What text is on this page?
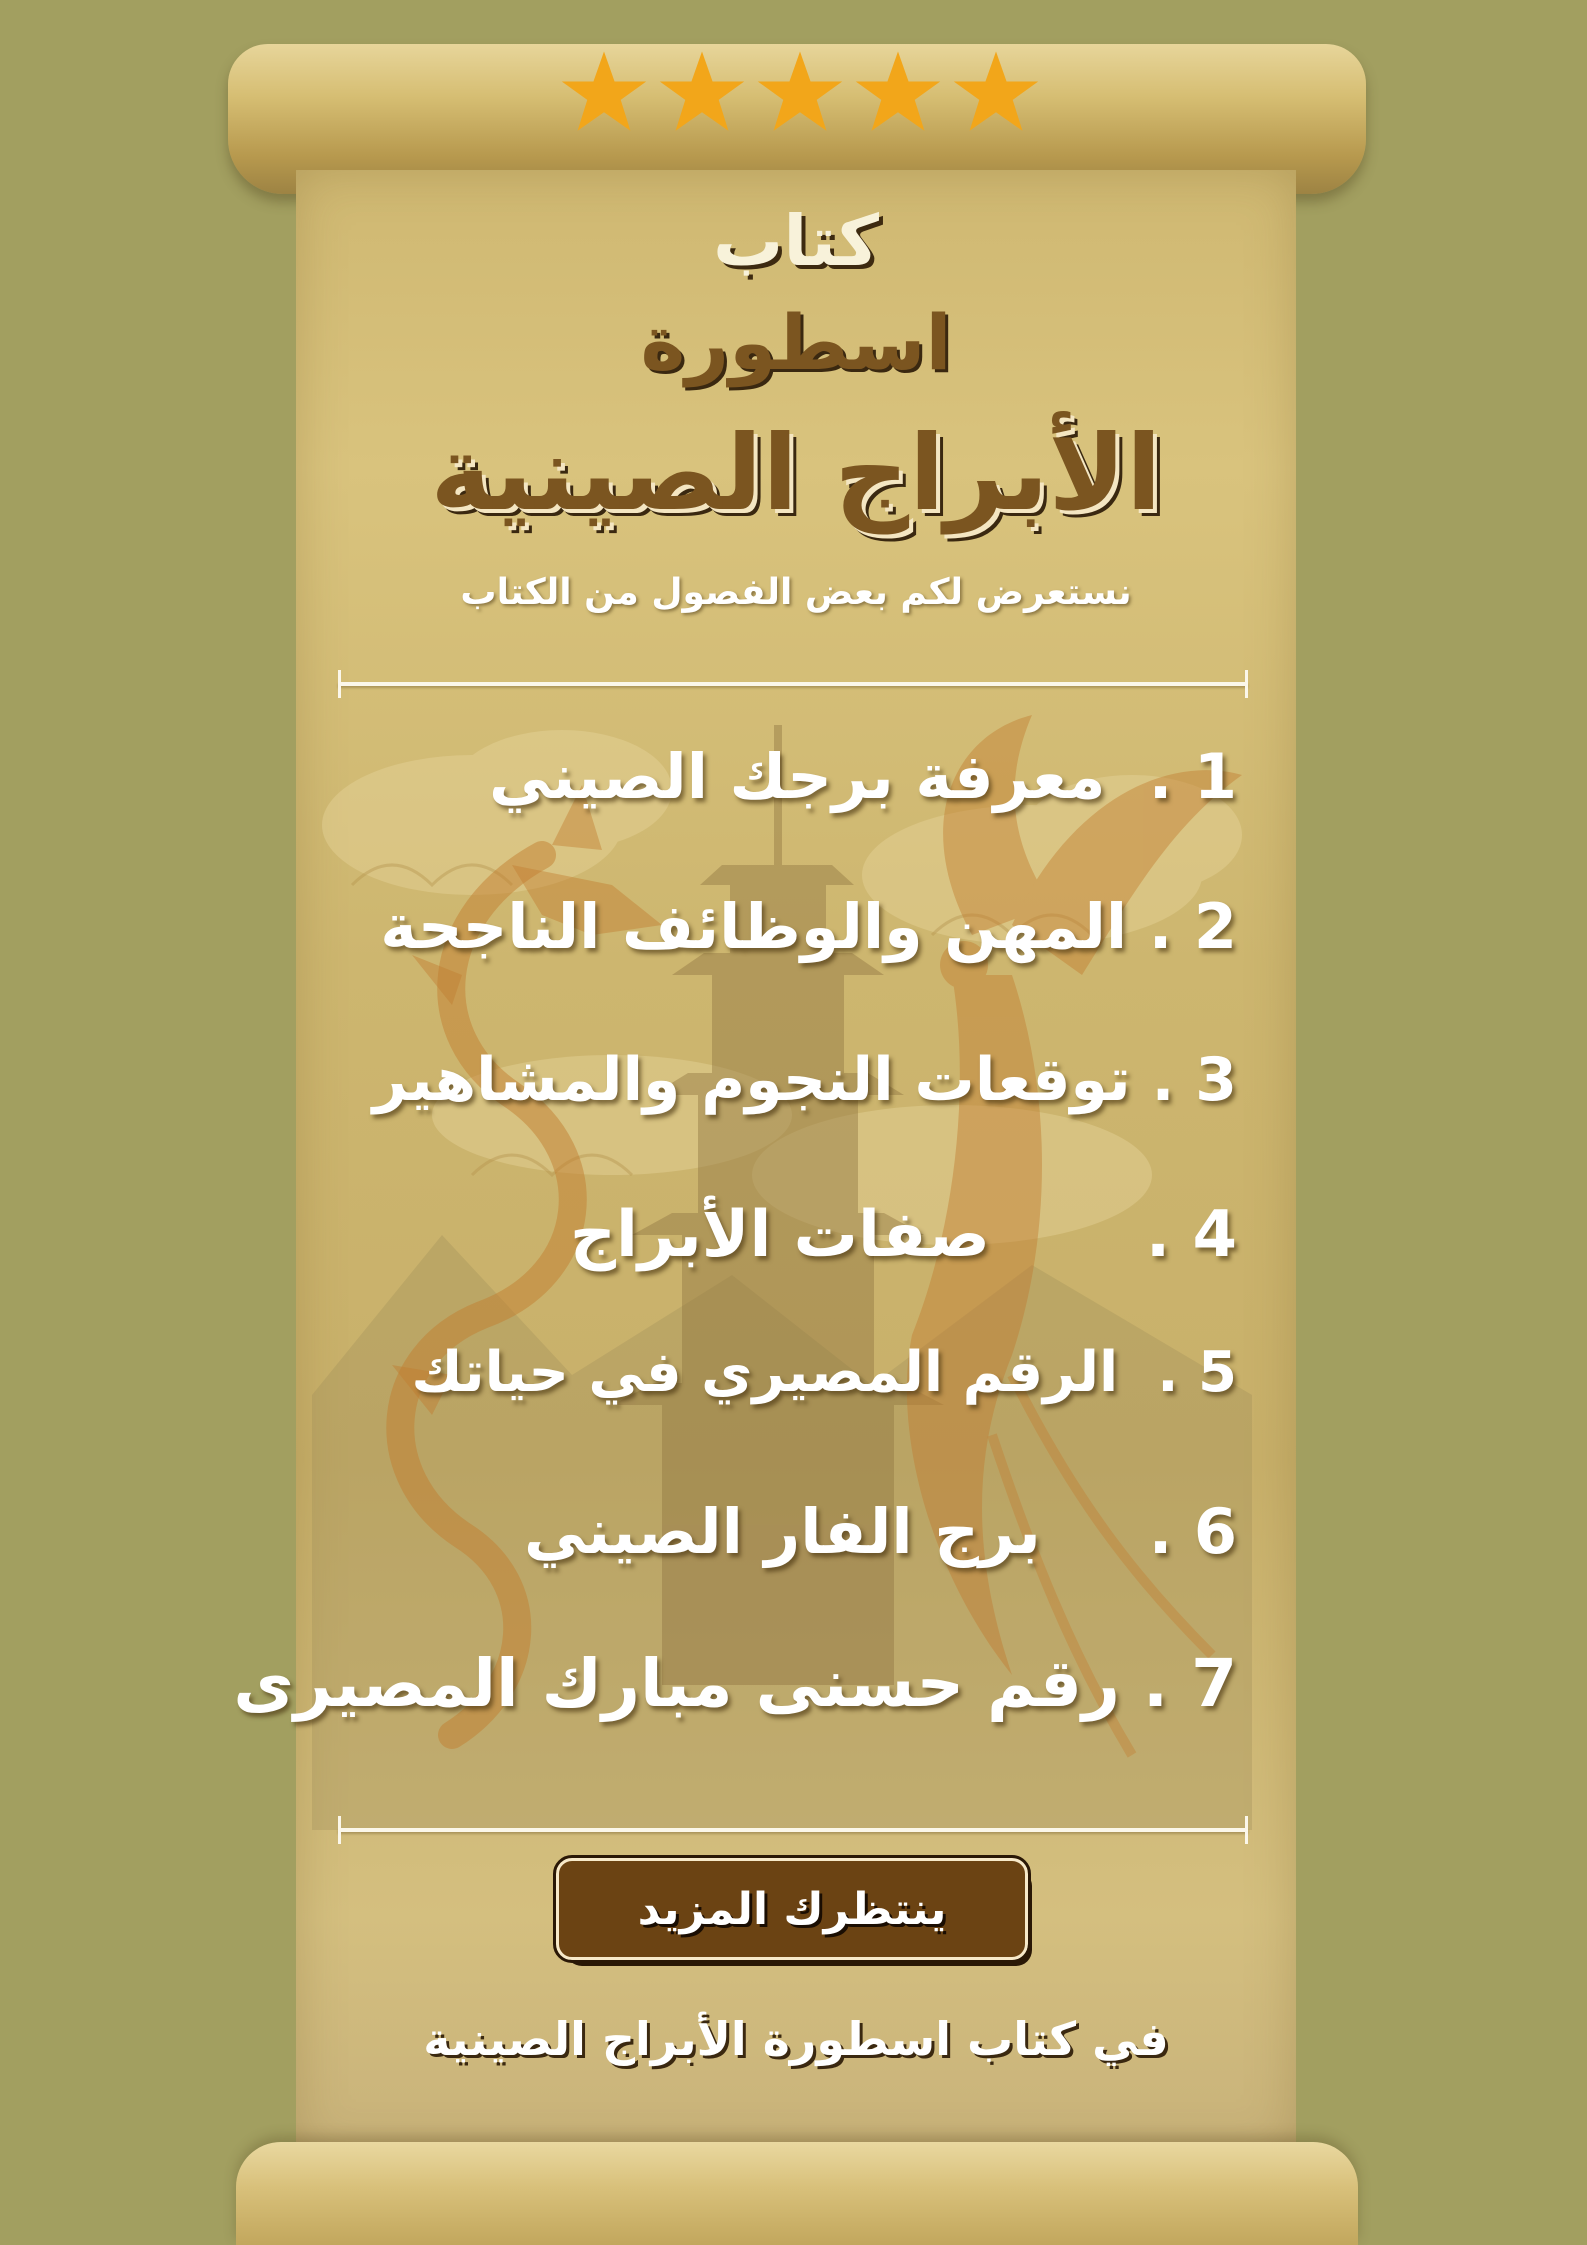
كتاب

اسطورة

الأبراج الصينية

نستعرض لكم بعض الفصول من الكتاب

1 .  معرفة برجك الصيني
2 . المهن والوظائف الناجحة
3 . توقعات النجوم والمشاهير
4 .       صفات الأبراج
5 .  الرقم المصيري في حياتك
6 .     برج الفار الصيني
7 . رقم حسنى مبارك المصيرى
ينتظرك المزيد

في كتاب اسطورة الأبراج الصينية
